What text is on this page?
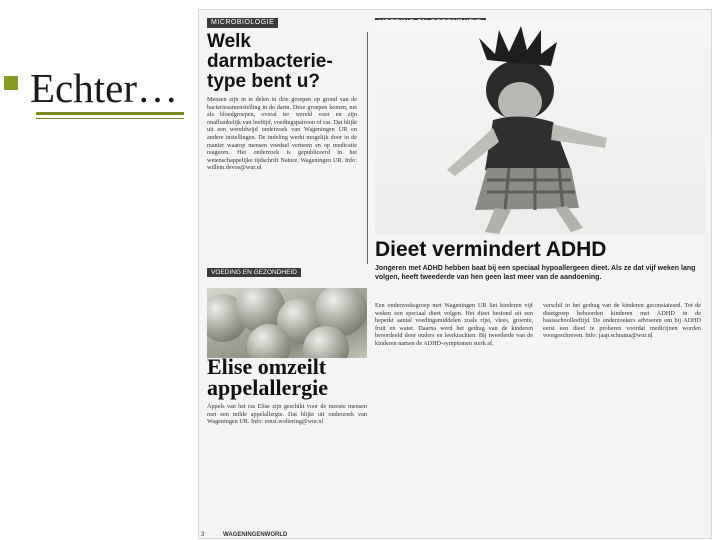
Echter…
MICROBIOLOGIE
Welk darmbacterie-type bent u?
Mensen zijn in te delen in drie groepen op grond van de bacteriesamenstelling in de darm. Deze groepen komen, net als bloedgroepen, overal ter wereld voor en zijn onafhankelijk van leeftijd, voedingspatroon of ras. Dat blijkt uit een wereldwijd onderzoek van Wageningen UR en andere instellingen. De indeling werkt mogelijk door in de manier waarop mensen voedsel verteren en op medicatie reageren. Het onderzoek is gepubliceerd in het wetenschappelijke tijdschrift Nature. Wageningen UR. Info: willem.devos@wur.nl
VOEDING EN GEZONDHEID
Elise omzeilt appelallergie
Appels van het ras Elise zijn geschikt voor de meeste mensen met een milde appelallergie. Dat blijkt uit onderzoek van Wageningen UR. Info: ernst.woltering@wur.nl
Dieet vermindert ADHD
Jongeren met ADHD hebben baat bij een speciaal hypoallergeen dieet. Als ze dat vijf weken lang volgen, heeft tweederde van hen geen last meer van de aandoening.
Een onderzoeksgroep met Wageningen UR liet kinderen vijf weken een speciaal dieet volgen. Het dieet bestond uit een beperkt aantal voedingsmiddelen zoals rijst, vlees, groente, fruit en water. Daarna werd het gedrag van de kinderen beoordeeld door ouders en leerkrachten. Bij tweederde van de kinderen namen de ADHD-symptomen sterk af.
verschil in het gedrag van de kinderen geconstateerd. Tot de dieetgroep behoorden kinderen met ADHD in de basisschoolleeftijd. De onderzoekers adviseren om bij ADHD eerst een dieet te proberen voordat medicijnen worden voorgeschreven. Info: jaap.schrama@wur.nl
3	WAGENINGENWORLD
